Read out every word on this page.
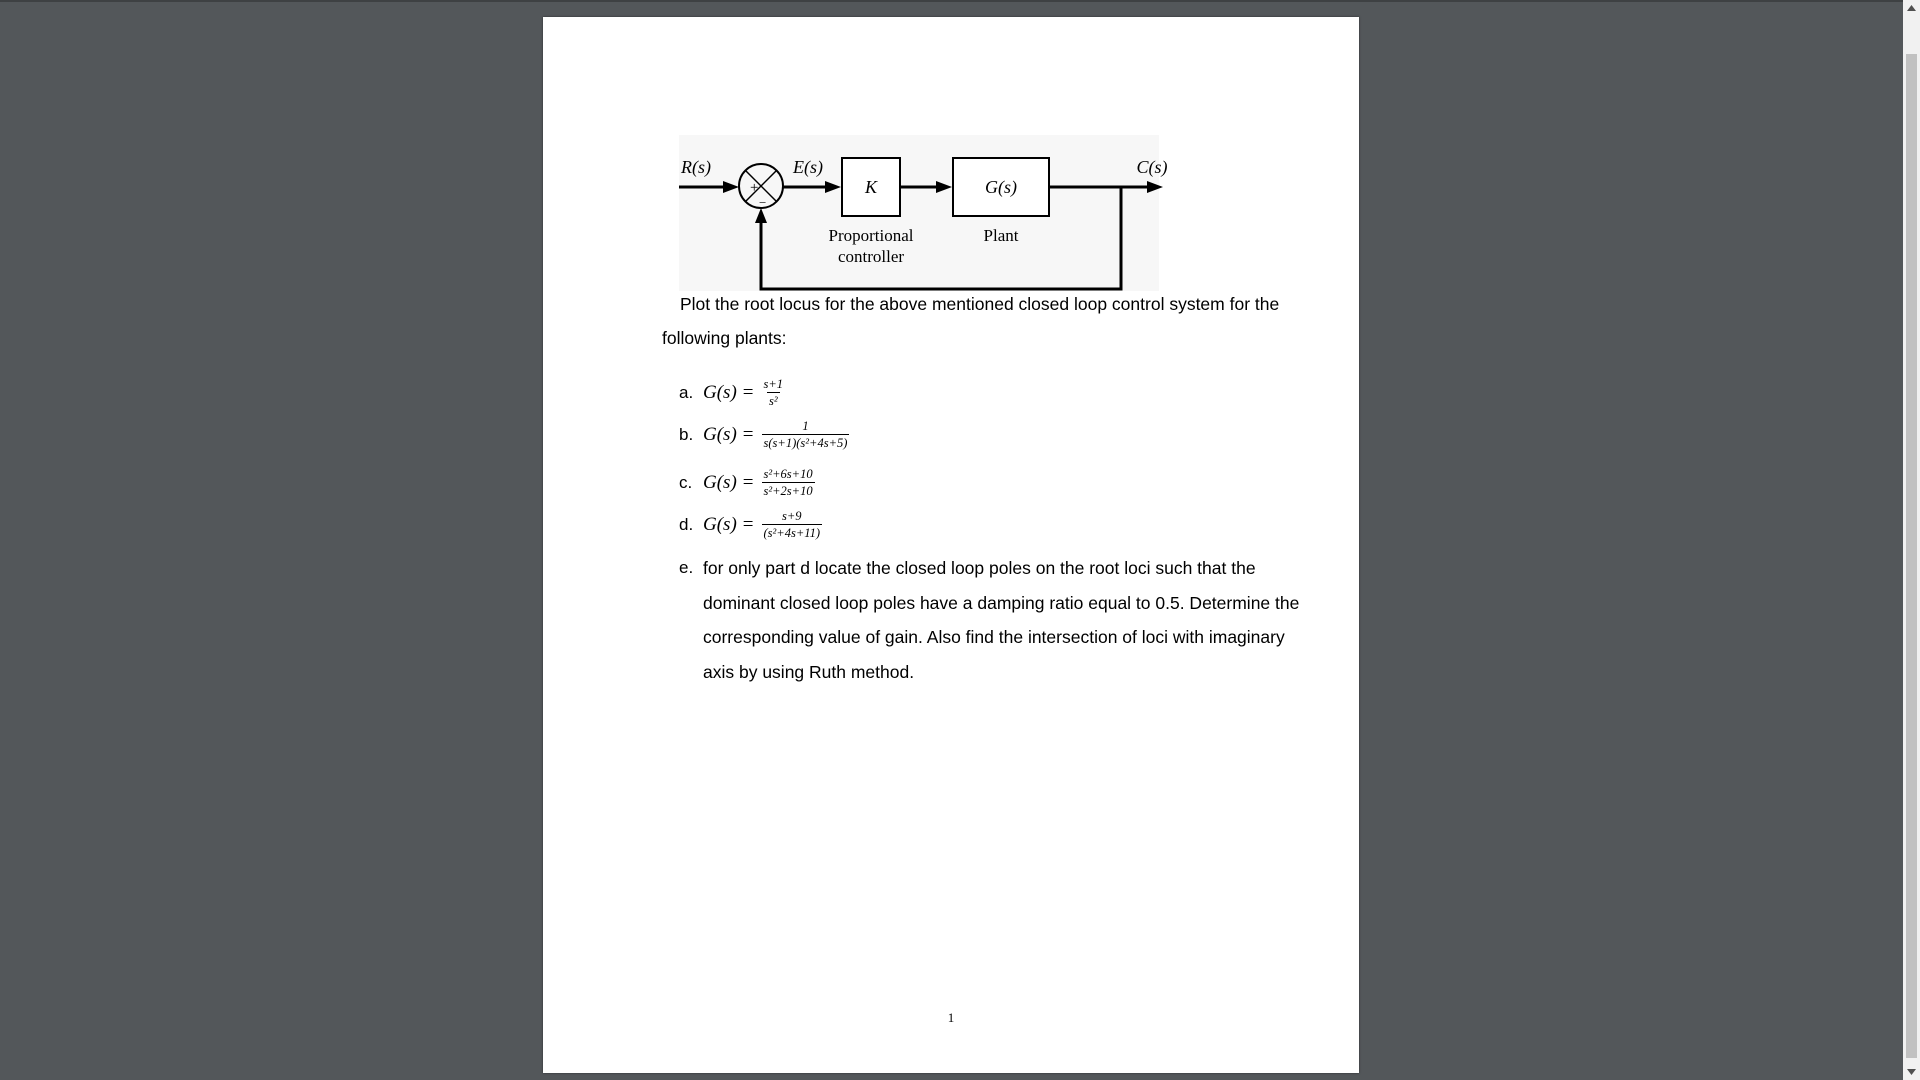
+
−
K	G(s)
R(s)	E(s)	C(s)
Proportional
controller
Plant
Plot the root locus for the above mentioned closed loop control system for the following plants:
a. $G(s) = \frac{s+1}{\text{s²}}$
b. $G(s) = \frac{1}{\text{s(s+1)(s²+4s+5)}}$
c. $G(s) = \frac{\text{s²+6s+10}}{\text{s²+2s+10}}$
d. $G(s) = \frac{s+9}{\text{(s²+4s+11)}}$
e. for only part d locate the closed loop poles on the root loci such that the
dominant closed loop poles have a damping ratio equal to 0.5. Determine the
corresponding value of gain. Also find the intersection of loci with imaginary
axis by using Ruth method.
1
